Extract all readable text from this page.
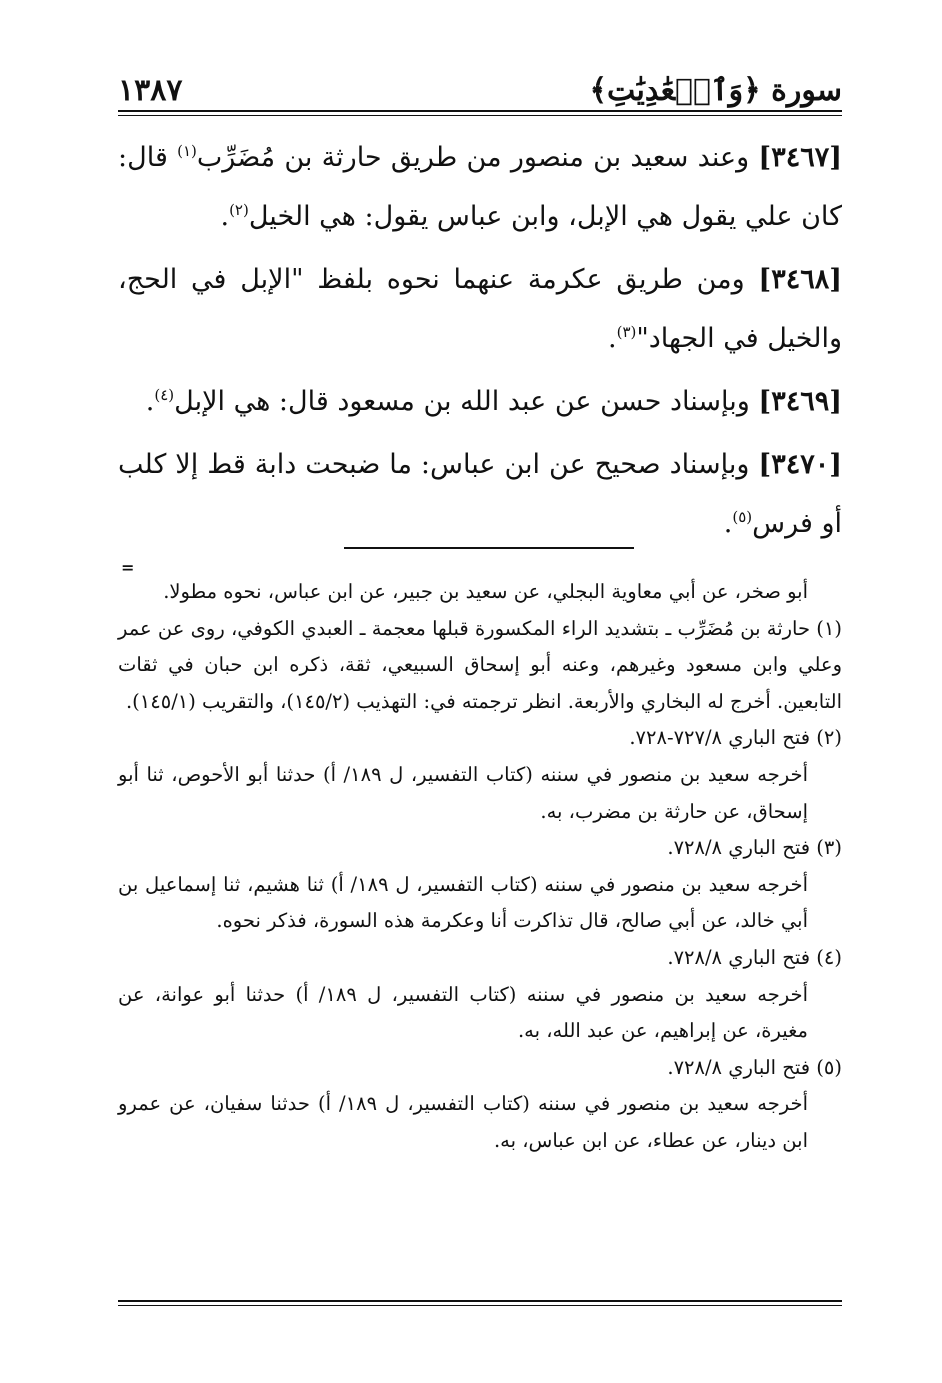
سورة ﴿وَٱلۡعَٰدِيَٰتِ﴾
١٣٨٧

[٣٤٦٧] وعند سعيد بن منصور من طريق حارثة بن مُضَرِّب$^{(١)}$ قال: كان علي يقول هي الإبل، وابن عباس يقول: هي الخيل$^{(٢)}$.

[٣٤٦٨] ومن طريق عكرمة عنهما نحوه بلفظ "الإبل في الحج، والخيل في الجهاد"$^{(٣)}$.

[٣٤٦٩] وبإسناد حسن عن عبد الله بن مسعود قال: هي الإبل$^{(٤)}$.

[٣٤٧٠] وبإسناد صحيح عن ابن عباس: ما ضبحت دابة قط إلا كلب أو فرس$^{(٥)}$.

=

أبو صخر، عن أبي معاوية البجلي، عن سعيد بن جبير، عن ابن عباس، نحوه مطولا.

(١) حارثة بن مُضَرِّب ـ بتشديد الراء المكسورة قبلها معجمة ـ العبدي الكوفي، روى عن عمر وعلي وابن مسعود وغيرهم، وعنه أبو إسحاق السبيعي، ثقة، ذكره ابن حبان في ثقات التابعين. أخرج له البخاري والأربعة. انظر ترجمته في: التهذيب (١٤٥/٢)، والتقريب (١٤٥/١).

(٢) فتح الباري ٧٢٧/٨-٧٢٨.

أخرجه سعيد بن منصور في سننه (كتاب التفسير، ل ١٨٩/ أ) حدثنا أبو الأحوص، ثنا أبو إسحاق، عن حارثة بن مضرب، به.

(٣) فتح الباري ٧٢٨/٨.

أخرجه سعيد بن منصور في سننه (كتاب التفسير، ل ١٨٩/ أ) ثنا هشيم، ثنا إسماعيل بن أبي خالد، عن أبي صالح، قال تذاكرت أنا وعكرمة هذه السورة، فذكر نحوه.

(٤) فتح الباري ٧٢٨/٨.

أخرجه سعيد بن منصور في سننه (كتاب التفسير، ل ١٨٩/ أ) حدثنا أبو عوانة، عن مغيرة، عن إبراهيم، عن عبد الله، به.

(٥) فتح الباري ٧٢٨/٨.

أخرجه سعيد بن منصور في سننه (كتاب التفسير، ل ١٨٩/ أ) حدثنا سفيان، عن عمرو ابن دينار، عن عطاء، عن ابن عباس، به.
